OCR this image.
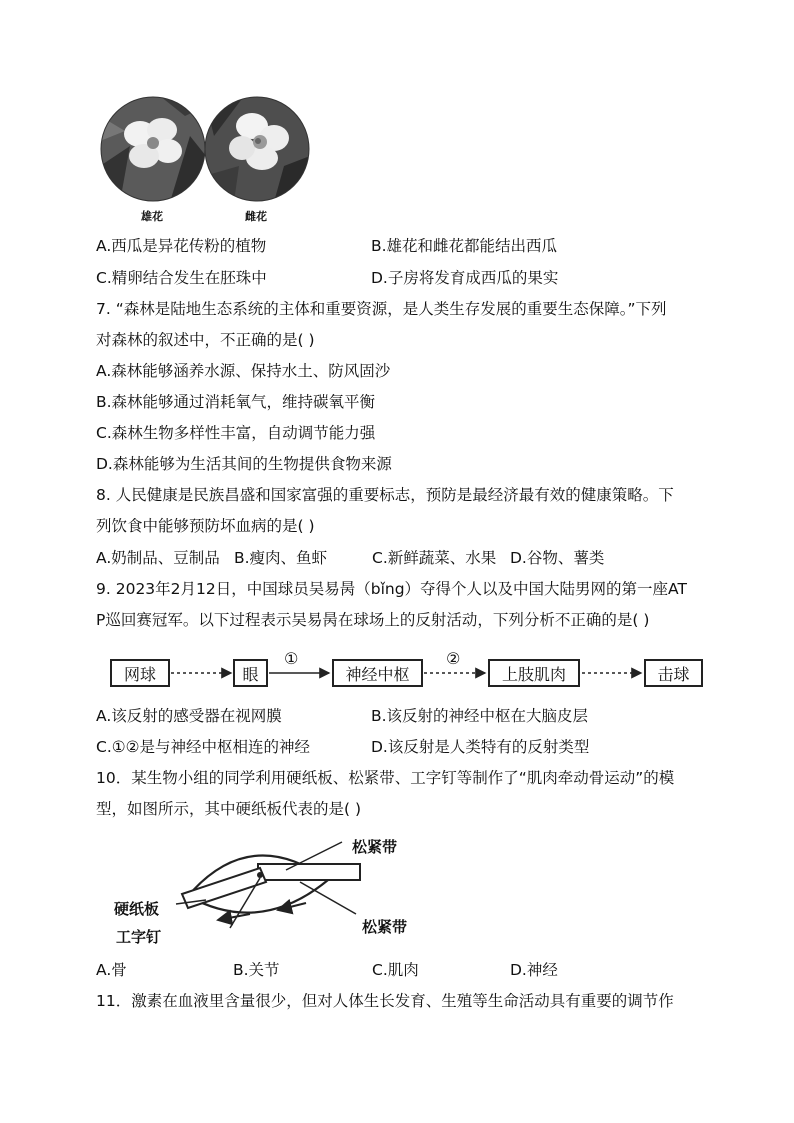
雄花	雌花
A.西瓜是异花传粉的植物	B.雄花和雌花都能结出西瓜
C.精卵结合发生在胚珠中	D.子房将发育成西瓜的果实
7. “森林是陆地生态系统的主体和重要资源，是人类生存发展的重要生态保障。”下列
对森林的叙述中，不正确的是( )
A.森林能够涵养水源、保持水土、防风固沙
B.森林能够通过消耗氧气，维持碳氧平衡
C.森林生物多样性丰富，自动调节能力强
D.森林能够为生活其间的生物提供食物来源
8. 人民健康是民族昌盛和国家富强的重要标志，预防是最经济最有效的健康策略。下
列饮食中能够预防坏血病的是( )
A.奶制品、豆制品 B.瘦肉、鱼虾	C.新鲜蔬菜、水果 D.谷物、薯类
9. 2023年2月12日，中国球员吴易昺（bǐng）夺得个人以及中国大陆男网的第一座AT
P巡回赛冠军。以下过程表示吴易昺在球场上的反射活动，下列分析不正确的是( )
网球	眼
①
神经中枢
②
上肢肌肉	击球
A.该反射的感受器在视网膜	B.该反射的神经中枢在大脑皮层
C.①②是与神经中枢相连的神经	D.该反射是人类特有的反射类型
10．某生物小组的同学利用硬纸板、松紧带、工字钉等制作了“肌肉牵动骨运动”的模
型，如图所示，其中硬纸板代表的是( )
松紧带
硬纸板
松紧带
工字钉
A.骨	B.关节	C.肌肉	D.神经
11．激素在血液里含量很少，但对人体生长发育、生殖等生命活动具有重要的调节作
